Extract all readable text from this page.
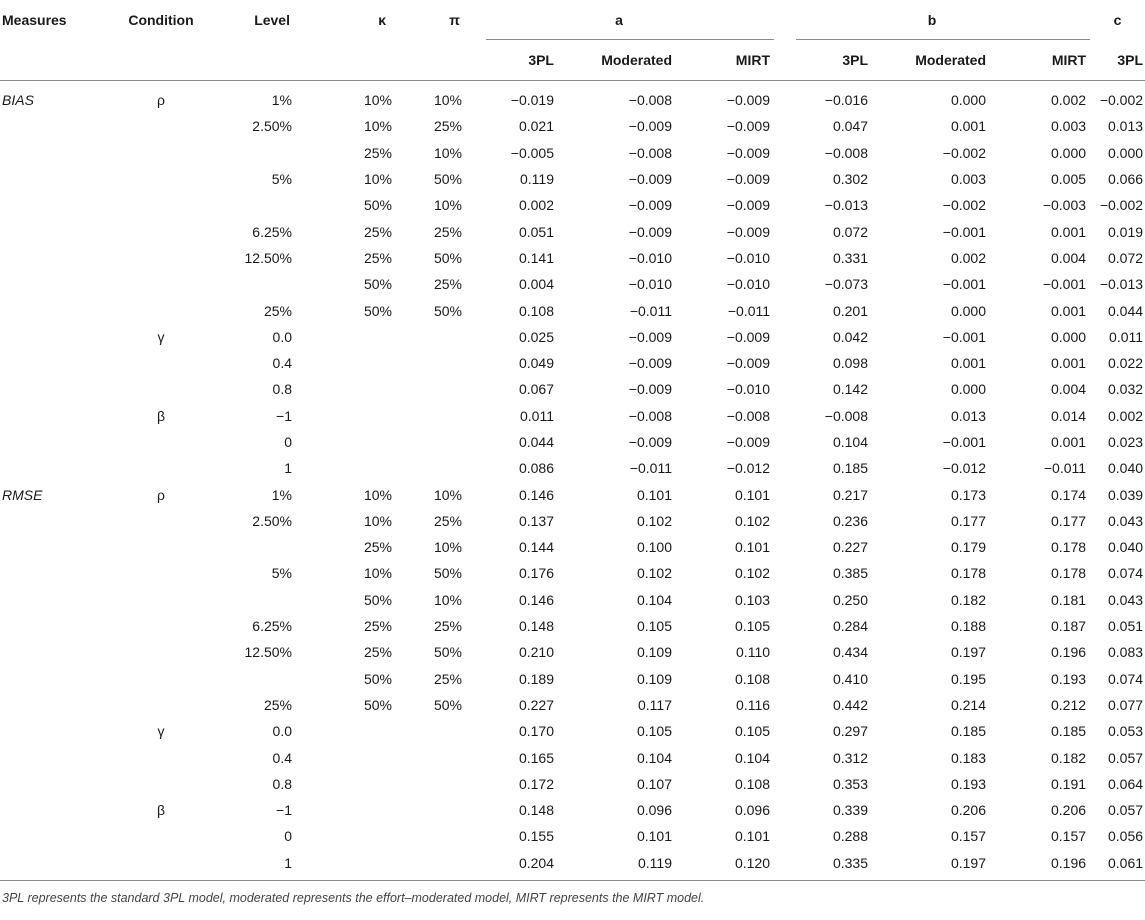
Measures	Condition	Level	κ	π	a			b			c
					3PL	Moderated	MIRT	3PL	Moderated	MIRT	3PL
BIAS	ρ	1%	10%	10%	−0.019	−0.008	−0.009	−0.016	0.000	0.002	−0.002
		2.50%	10%	25%	0.021	−0.009	−0.009	0.047	0.001	0.003	0.013
			25%	10%	−0.005	−0.008	−0.009	−0.008	−0.002	0.000	0.000
		5%	10%	50%	0.119	−0.009	−0.009	0.302	0.003	0.005	0.066
			50%	10%	0.002	−0.009	−0.009	−0.013	−0.002	−0.003	−0.002
		6.25%	25%	25%	0.051	−0.009	−0.009	0.072	−0.001	0.001	0.019
		12.50%	25%	50%	0.141	−0.010	−0.010	0.331	0.002	0.004	0.072
			50%	25%	0.004	−0.010	−0.010	−0.073	−0.001	−0.001	−0.013
		25%	50%	50%	0.108	−0.011	−0.011	0.201	0.000	0.001	0.044
	γ	0.0			0.025	−0.009	−0.009	0.042	−0.001	0.000	0.011
		0.4			0.049	−0.009	−0.009	0.098	0.001	0.001	0.022
		0.8			0.067	−0.009	−0.010	0.142	0.000	0.004	0.032
	β	−1			0.011	−0.008	−0.008	−0.008	0.013	0.014	0.002
		0			0.044	−0.009	−0.009	0.104	−0.001	0.001	0.023
		1			0.086	−0.011	−0.012	0.185	−0.012	−0.011	0.040
RMSE	ρ	1%	10%	10%	0.146	0.101	0.101	0.217	0.173	0.174	0.039
		2.50%	10%	25%	0.137	0.102	0.102	0.236	0.177	0.177	0.043
			25%	10%	0.144	0.100	0.101	0.227	0.179	0.178	0.040
		5%	10%	50%	0.176	0.102	0.102	0.385	0.178	0.178	0.074
			50%	10%	0.146	0.104	0.103	0.250	0.182	0.181	0.043
		6.25%	25%	25%	0.148	0.105	0.105	0.284	0.188	0.187	0.051
		12.50%	25%	50%	0.210	0.109	0.110	0.434	0.197	0.196	0.083
			50%	25%	0.189	0.109	0.108	0.410	0.195	0.193	0.074
		25%	50%	50%	0.227	0.117	0.116	0.442	0.214	0.212	0.077
	γ	0.0			0.170	0.105	0.105	0.297	0.185	0.185	0.053
		0.4			0.165	0.104	0.104	0.312	0.183	0.182	0.057
		0.8			0.172	0.107	0.108	0.353	0.193	0.191	0.064
	β	−1			0.148	0.096	0.096	0.339	0.206	0.206	0.057
		0			0.155	0.101	0.101	0.288	0.157	0.157	0.056
		1			0.204	0.119	0.120	0.335	0.197	0.196	0.061
3PL represents the standard 3PL model, moderated represents the effort–moderated model, MIRT represents the MIRT model.
